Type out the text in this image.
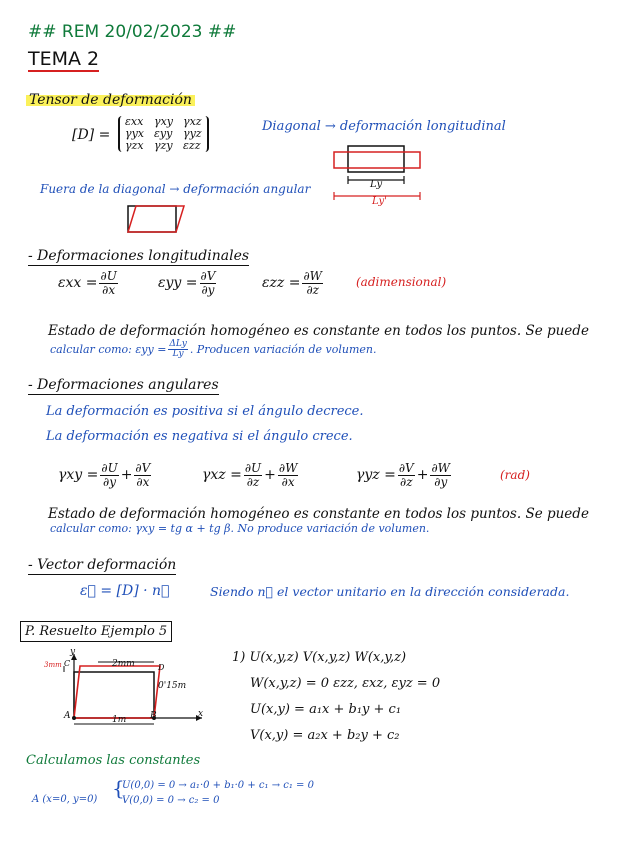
## REM 20/02/2023 ##
TEMA 2
Tensor de deformación
[D] =
εxx	γxy	γxz
γyx	εyy	γyz
γzx	γzy	εzz
Diagonal → deformación longitudinal
Ly
Ly'
Fuera de la diagonal → deformación angular
- Deformaciones longitudinales
$\varepsilon xx = \frac{\partial U}{\partial x}$	$\varepsilon yy = \frac{\partial V}{\partial y}$	$\varepsilon zz = \frac{\partial W}{\partial z}$	(adimensional)
Estado de deformación homogéneo es constante en todos los puntos. Se puede
calcular como: $\varepsilon yy = \frac{\text{ΔLy}}{Ly}$ . Producen variación de volumen.
- Deformaciones angulares
La deformación es positiva si el ángulo decrece.
La deformación es negativa si el ángulo crece.
$\gamma xy = \frac{\partial U}{\partial y} + \frac{\partial V}{\partial x}$	$\gamma xz = \frac{\partial U}{\partial z} + \frac{\partial W}{\partial x}$	$\gamma yz = \frac{\partial V}{\partial z} + \frac{\partial W}{\partial y}$	(rad)
Estado de deformación homogéneo es constante en todos los puntos. Se puede
calcular como: γxy = tg α + tg β. No produce variación de volumen.
- Vector deformación
ε⃗ = [D] · n⃗	Siendo n⃗ el vector unitario en la dirección considerada.
P. Resuelto Ejemplo 5
y
x
2mm
3mm
0'15m
1m
A	B
C	D
1) U(x,y,z) V(x,y,z) W(x,y,z)
W(x,y,z) = 0 εzz, εxz, εyz = 0
U(x,y) = a₁x + b₁y + c₁
V(x,y) = a₂x + b₂y + c₂
Calculamos las constantes
A (x=0, y=0) {
U(0,0) = 0 → a₁·0 + b₁·0 + c₁ → c₁ = 0
V(0,0) = 0 → c₂ = 0
